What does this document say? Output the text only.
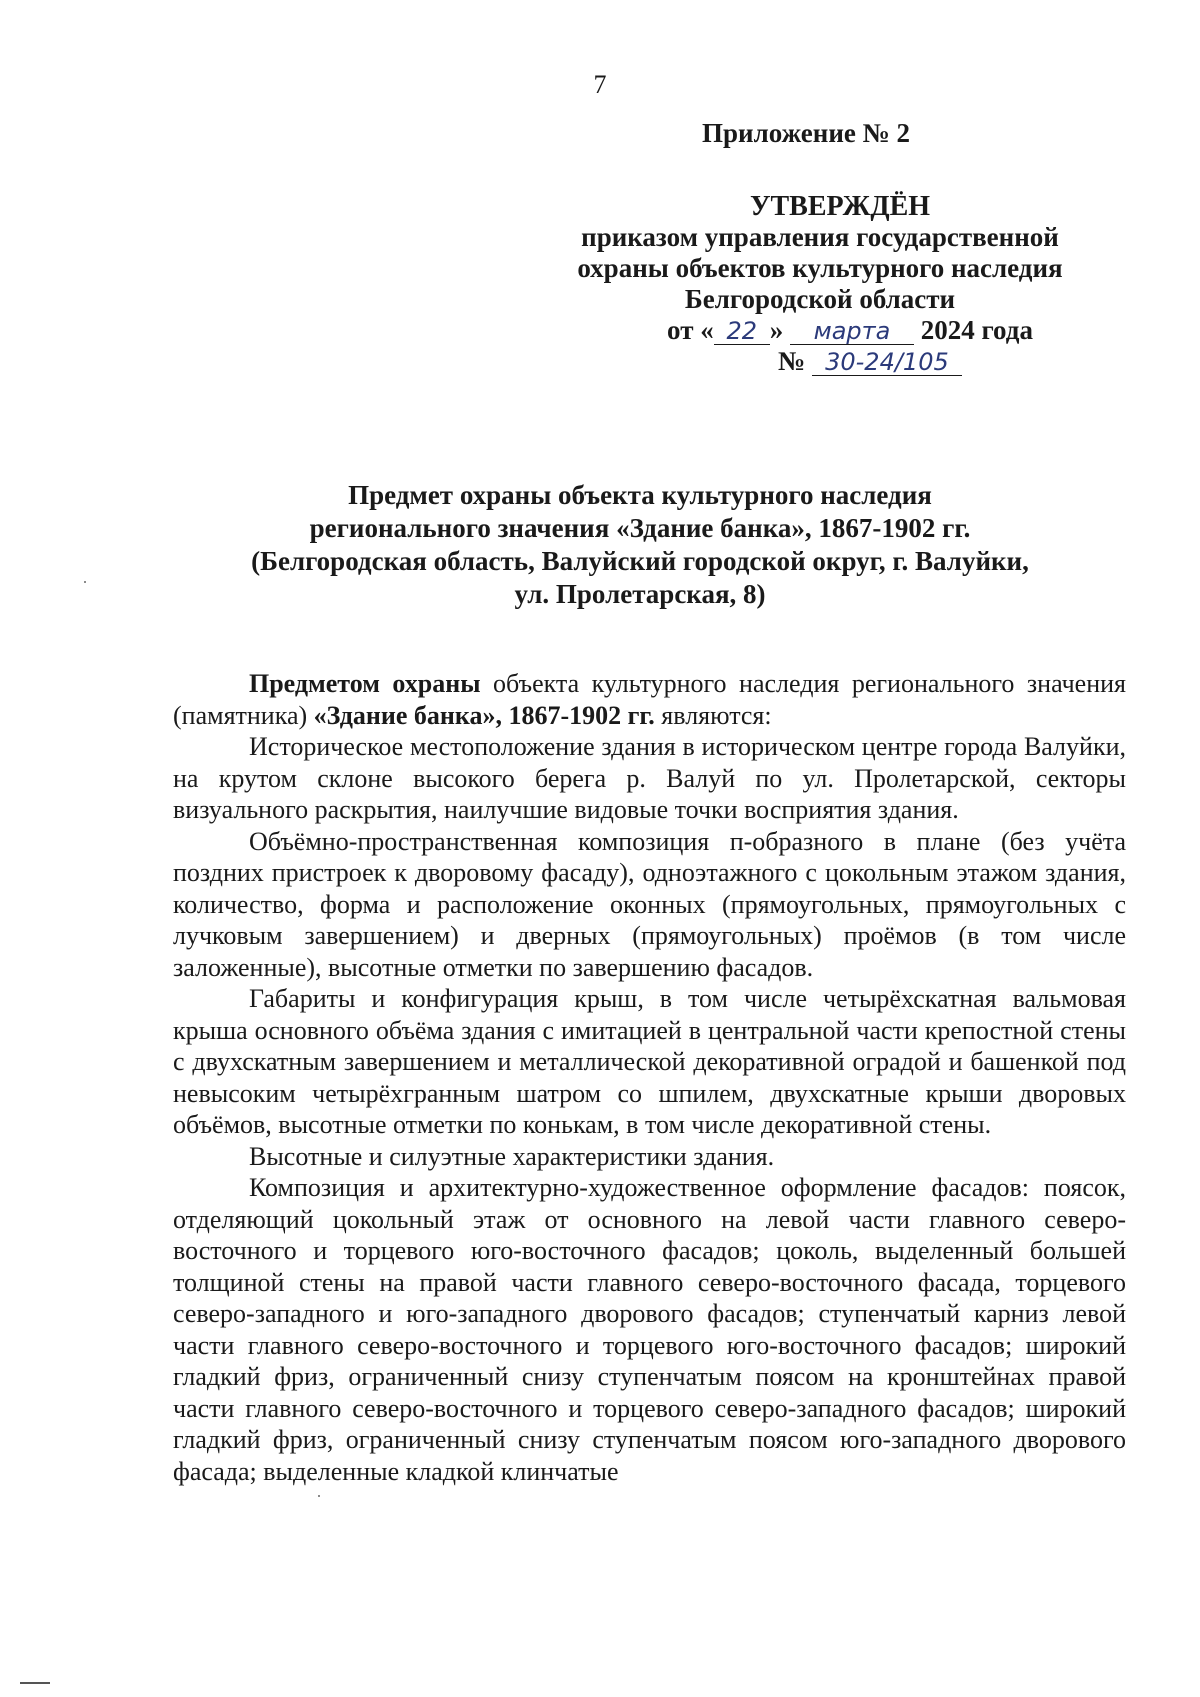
7
Приложение № 2
УТВЕРЖДЁН
приказом управления государственной
охраны объектов культурного наследия
Белгородской области
от « 22 » марта 2024 года
№ 30-24/105
Предмет охраны объекта культурного наследия
регионального значения «Здание банка», 1867-1902 гг.
(Белгородская область, Валуйский городской округ, г. Валуйки,
ул. Пролетарская, 8)

Предметом охраны объекта культурного наследия регионального значения (памятника) «Здание банка», 1867-1902 гг. являются:

Историческое местоположение здания в историческом центре города Валуйки, на крутом склоне высокого берега р. Валуй по ул. Пролетарской, секторы визуального раскрытия, наилучшие видовые точки восприятия здания.

Объёмно-пространственная композиция п-образного в плане (без учёта поздних пристроек к дворовому фасаду), одноэтажного с цокольным этажом здания, количество, форма и расположение оконных (прямоугольных, прямоугольных с лучковым завершением) и дверных (прямоугольных) проёмов (в том числе заложенные), высотные отметки по завершению фасадов.

Габариты и конфигурация крыш, в том числе четырёхскатная вальмовая крыша основного объёма здания с имитацией в центральной части крепостной стены с двухскатным завершением и металлической декоративной оградой и башенкой под невысоким четырёхгранным шатром со шпилем, двухскатные крыши дворовых объёмов, высотные отметки по конькам, в том числе декоративной стены.

Высотные и силуэтные характеристики здания.

Композиция и архитектурно-художественное оформление фасадов: поясок, отделяющий цокольный этаж от основного на левой части главного северо-восточного и торцевого юго-восточного фасадов; цоколь, выделенный большей толщиной стены на правой части главного северо-восточного фасада, торцевого северо-западного и юго-западного дворового фасадов; ступенчатый карниз левой части главного северо-восточного и торцевого юго-восточного фасадов; широкий гладкий фриз, ограниченный снизу ступенчатым поясом на кронштейнах правой части главного северо-восточного и торцевого северо-западного фасадов; широкий гладкий фриз, ограниченный снизу ступенчатым поясом юго-западного дворового фасада; выделенные кладкой клинчатые
